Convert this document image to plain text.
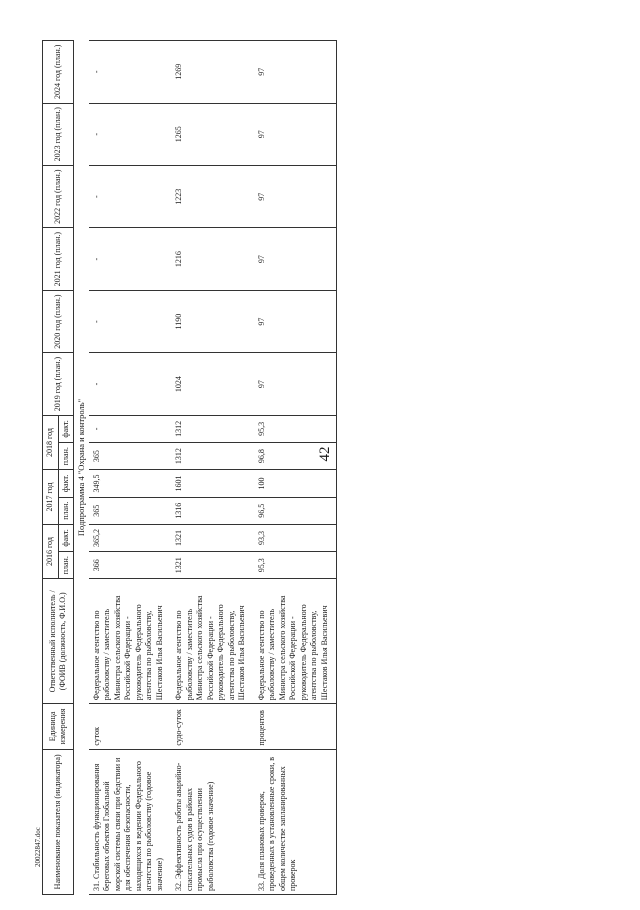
42
20022847.doc	Наименование показателя (индикатора)	Единица измерения	Ответственный исполнитель / (ФОИВ (должность, Ф.И.О.)	2016 год		2017 год		2018 год		2019 год (план.)	2020 год (план.)	2021 год (план.)	2022 год (план.)	2023 год (план.)	2024 год (план.)
			план.	факт.	план.	факт.	план.	факт.						
Подпрограмма 4 "Охрана и контроль"														
31. Стабильность функционирования береговых объектов Глобальной морской системы связи при бедствии и для обеспечения безопасности, находящихся в ведении Федерального агентства по рыболовству (годовое значение)	суток	Федеральное агентство по рыболовству / заместитель Министра сельского хозяйства Российской Федерации - руководитель Федерального агентства по рыболовству, Шестаков Илья Васильевич	366	365,2	365	349,5	365	-	-	-	-	-	-	-
32. Эффективность работы аварийно-спасательных судов в районах промысла при осуществлении рыболовства (годовое значение)	судо-суток	Федеральное агентство по рыболовству / заместитель Министра сельского хозяйства Российской Федерации - руководитель Федерального агентства по рыболовству, Шестаков Илья Васильевич	1321	1321	1316	1601	1312	1312	1024	1190	1216	1223	1265	1269
33. Доля плановых проверок, проведенных в установленные сроки, в общем количестве запланированных проверок	процентов	Федеральное агентство по рыболовству / заместитель Министра сельского хозяйства Российской Федерации - руководитель Федерального агентства по рыболовству, Шестаков Илья Васильевич	95,3	93,3	96,5	100	96,8	95,3	97	97	97	97	97	97
